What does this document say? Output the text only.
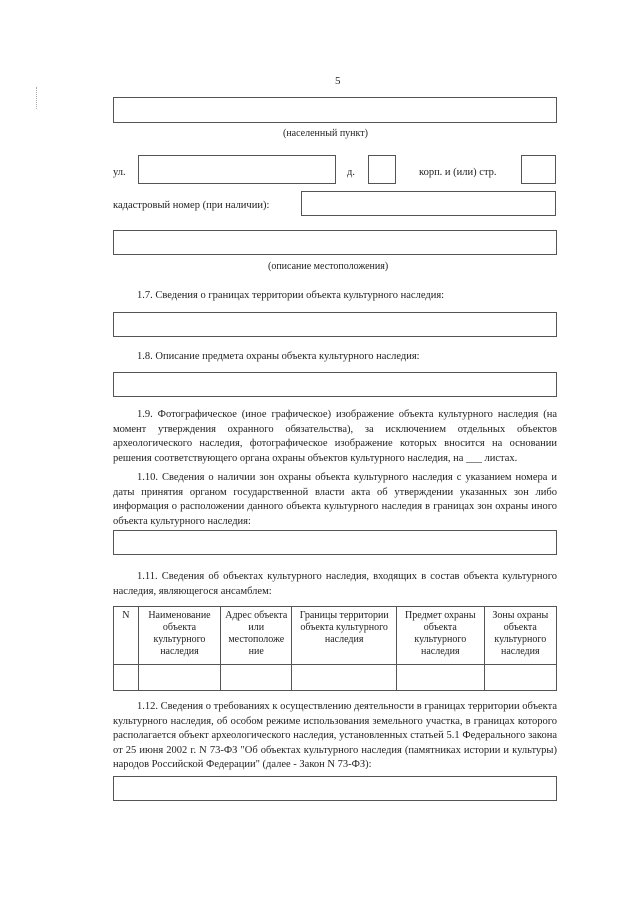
5
(населенный пункт)
ул.	д.	корп. и (или) стр.
кадастровый номер (при наличии):
(описание местоположения)
1.7. Сведения о границах территории объекта культурного наследия:
1.8. Описание предмета охраны объекта культурного наследия:
1.9. Фотографическое (иное графическое) изображение объекта культурного наследия (на момент утверждения охранного обязательства), за исключением отдельных объектов археологического наследия, фотографическое изображение которых вносится на основании решения соответствующего органа охраны объектов культурного наследия, на ___ листах.
1.10. Сведения о наличии зон охраны объекта культурного наследия с указанием номера и даты принятия органом государственной власти акта об утверждении указанных зон либо информация о расположении данного объекта культурного наследия в границах зон охраны иного объекта культурного наследия:
1.11. Сведения об объектах культурного наследия, входящих в состав объекта культурного наследия, являющегося ансамблем:
N	Наименование объекта культурного наследия	Адрес объекта или местоположе ние	Границы территории объекта культурного наследия	Предмет охраны объекта культурного наследия	Зоны охраны объекта культурного наследия

1.12. Сведения о требованиях к осуществлению деятельности в границах территории объекта культурного наследия, об особом режиме использования земельного участка, в границах которого располагается объект археологического наследия, установленных статьей 5.1 Федерального закона от 25 июня 2002 г. N 73-ФЗ "Об объектах культурного наследия (памятниках истории и культуры) народов Российской Федерации" (далее - Закон N 73-ФЗ):
